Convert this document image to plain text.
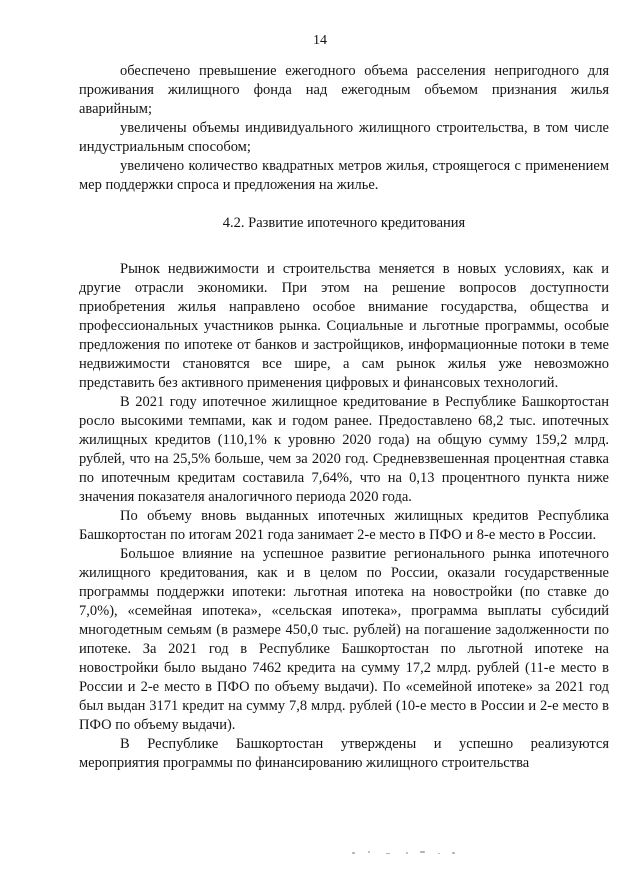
14

обеспечено превышение ежегодного объема расселения непригодного для проживания жилищного фонда над ежегодным объемом признания жилья аварийным;

увеличены объемы индивидуального жилищного строительства, в том числе индустриальным способом;

увеличено количество квадратных метров жилья, строящегося с применением мер поддержки спроса и предложения на жилье.

4.2. Развитие ипотечного кредитования

Рынок недвижимости и строительства меняется в новых условиях, как и другие отрасли экономики. При этом на решение вопросов доступности приобретения жилья направлено особое внимание государства, общества и профессиональных участников рынка. Социальные и льготные программы, особые предложения по ипотеке от банков и застройщиков, информационные потоки в теме недвижимости становятся все шире, а сам рынок жилья уже невозможно представить без активного применения цифровых и финансовых технологий.

В 2021 году ипотечное жилищное кредитование в Республике Башкортостан росло высокими темпами, как и годом ранее. Предоставлено 68,2 тыс. ипотечных жилищных кредитов (110,1% к уровню 2020 года) на общую сумму 159,2 млрд. рублей, что на 25,5% больше, чем за 2020 год. Средневзвешенная процентная ставка по ипотечным кредитам составила 7,64%, что на 0,13 процентного пункта ниже значения показателя аналогичного периода 2020 года.

По объему вновь выданных ипотечных жилищных кредитов Республика Башкортостан по итогам 2021 года занимает 2-е место в ПФО и 8-е место в России.

Большое влияние на успешное развитие регионального рынка ипотечного жилищного кредитования, как и в целом по России, оказали государственные программы поддержки ипотеки: льготная ипотека на новостройки (по ставке до 7,0%), «семейная ипотека», «сельская ипотека», программа выплаты субсидий многодетным семьям (в размере 450,0 тыс. рублей) на погашение задолженности по ипотеке. За 2021 год в Республике Башкортостан по льготной ипотеке на новостройки было выдано 7462 кредита на сумму 17,2 млрд. рублей (11-е место в России и 2-е место в ПФО по объему выдачи). По «семейной ипотеке» за 2021 год был выдан 3171 кредит на сумму 7,8 млрд. рублей (10-е место в России и 2-е место в ПФО по объему выдачи).

В Республике Башкортостан утверждены и успешно реализуются мероприятия программы по финансированию жилищного строительства
